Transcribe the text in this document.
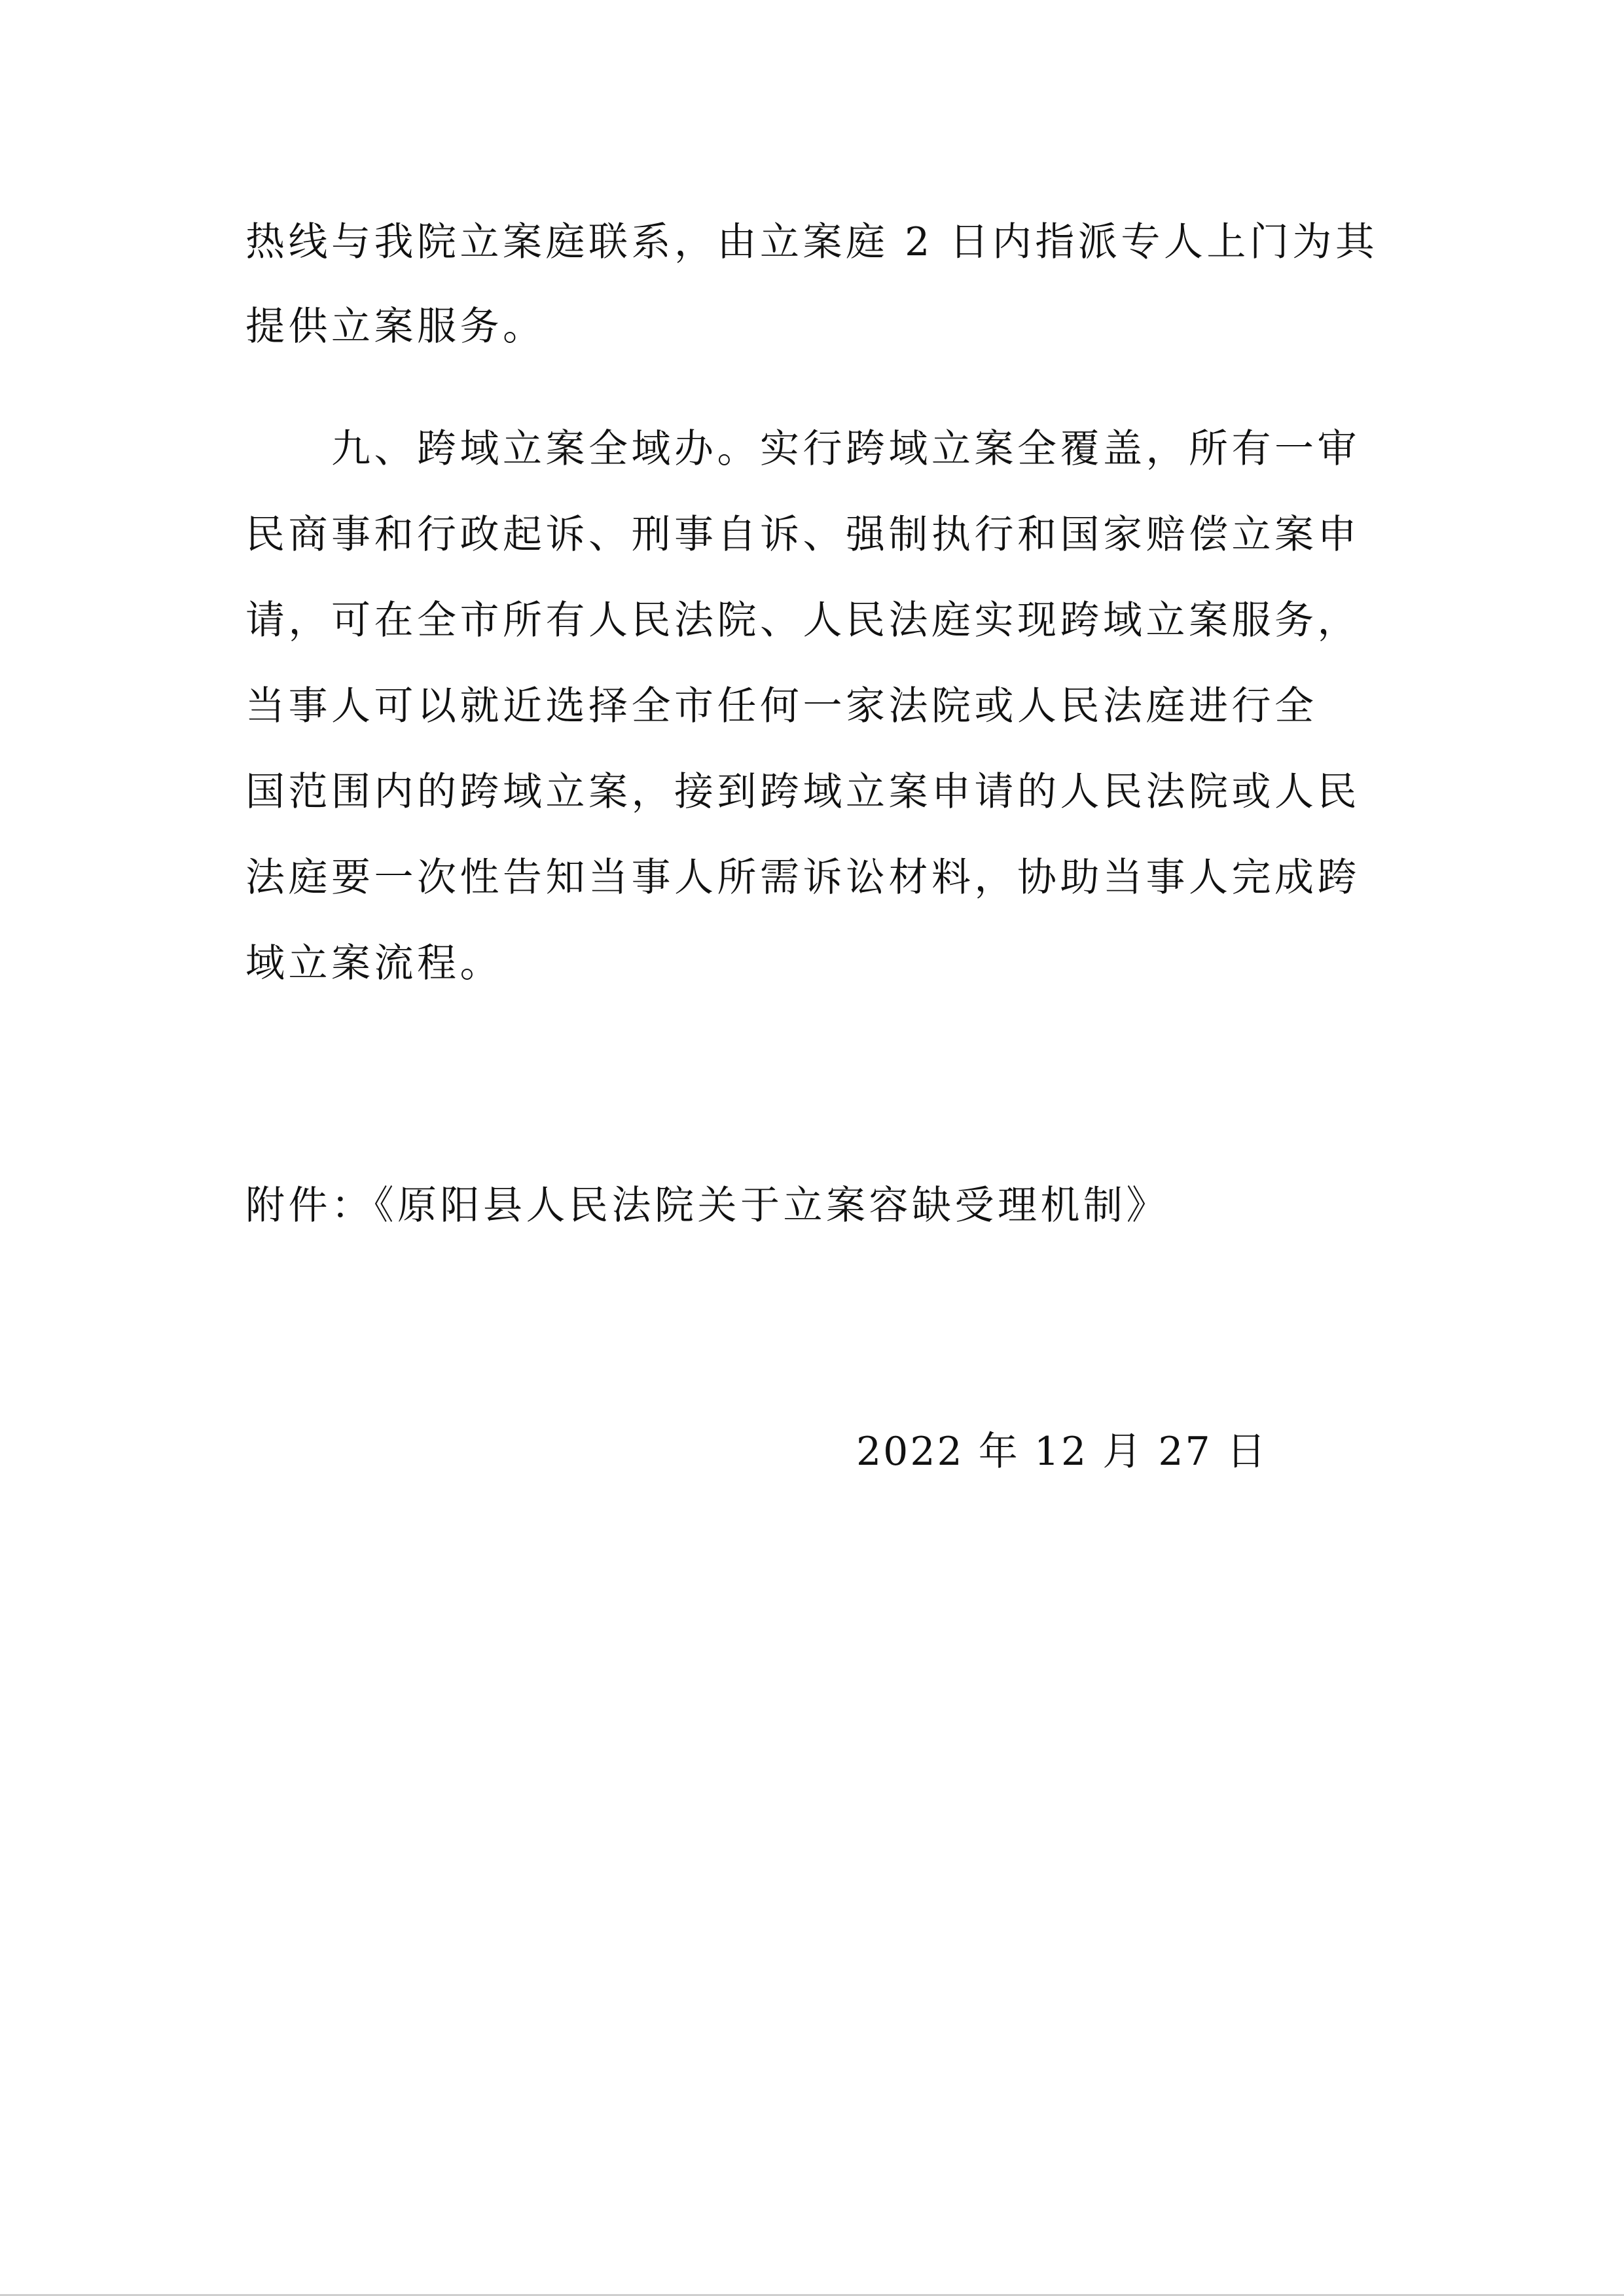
热线与我院立案庭联系，由立案庭 2 日内指派专人上门为其
提供立案服务。
　　九、跨域立案全域办。实行跨域立案全覆盖，所有一审
民商事和行政起诉、刑事自诉、强制执行和国家赔偿立案申
请，可在全市所有人民法院、人民法庭实现跨域立案服务，
当事人可以就近选择全市任何一家法院或人民法庭进行全
国范围内的跨域立案，接到跨域立案申请的人民法院或人民
法庭要一次性告知当事人所需诉讼材料，协助当事人完成跨
域立案流程。
附件：《原阳县人民法院关于立案容缺受理机制》
2022 年 12 月 27 日
